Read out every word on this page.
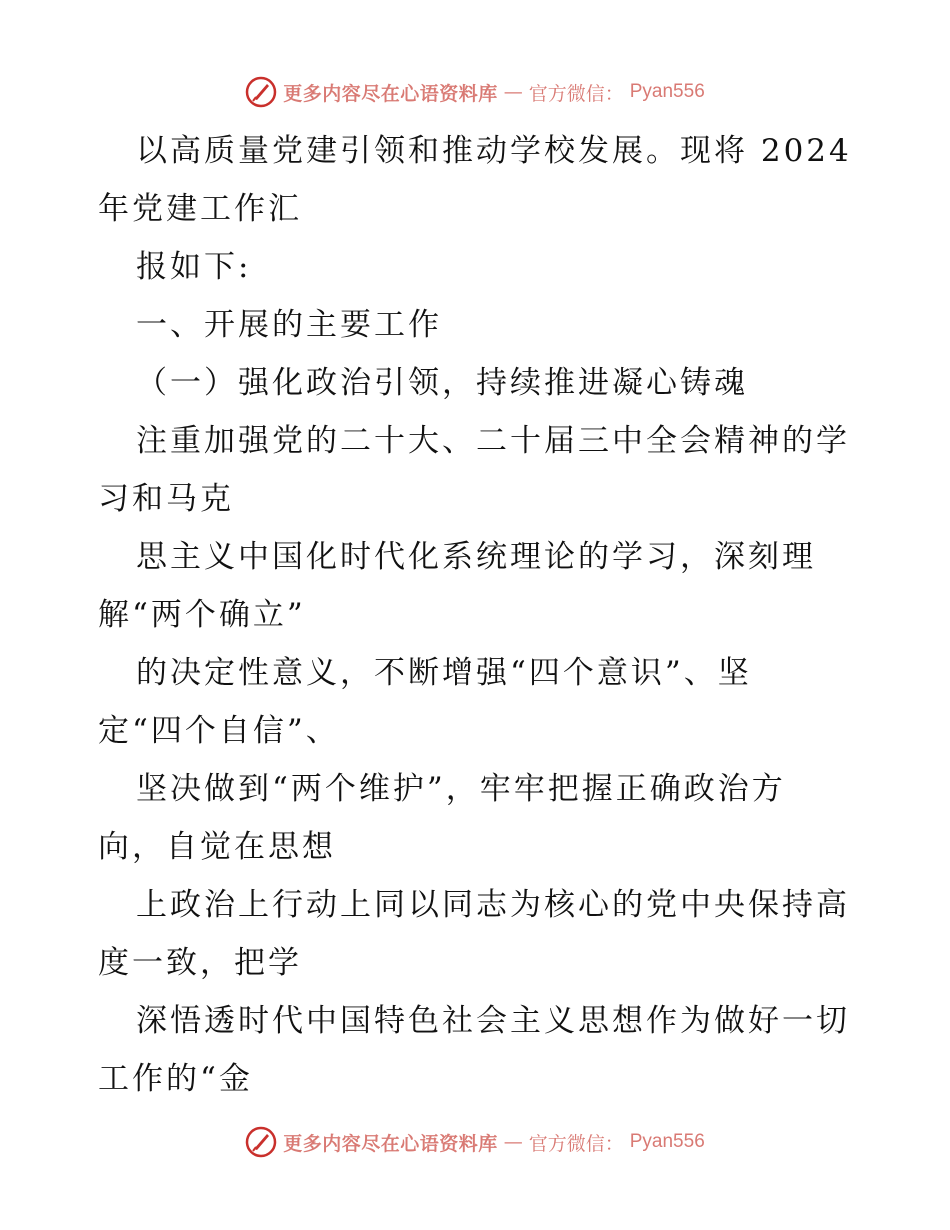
更多内容尽在心语资料库 — 官方微信： Pyan556
以高质量党建引领和推动学校发展。现将 2024
年党建工作汇
报如下:
一、开展的主要工作
（一）强化政治引领，持续推进凝心铸魂
注重加强党的二十大、二十届三中全会精神的学
习和马克
思主义中国化时代化系统理论的学习，深刻理
解“两个确立”
的决定性意义，不断增强“四个意识”、坚
定“四个自信”、
坚决做到“两个维护”，牢牢把握正确政治方
向，自觉在思想
上政治上行动上同以同志为核心的党中央保持高
度一致，把学
深悟透时代中国特色社会主义思想作为做好一切
工作的“金
更多内容尽在心语资料库 — 官方微信： Pyan556
